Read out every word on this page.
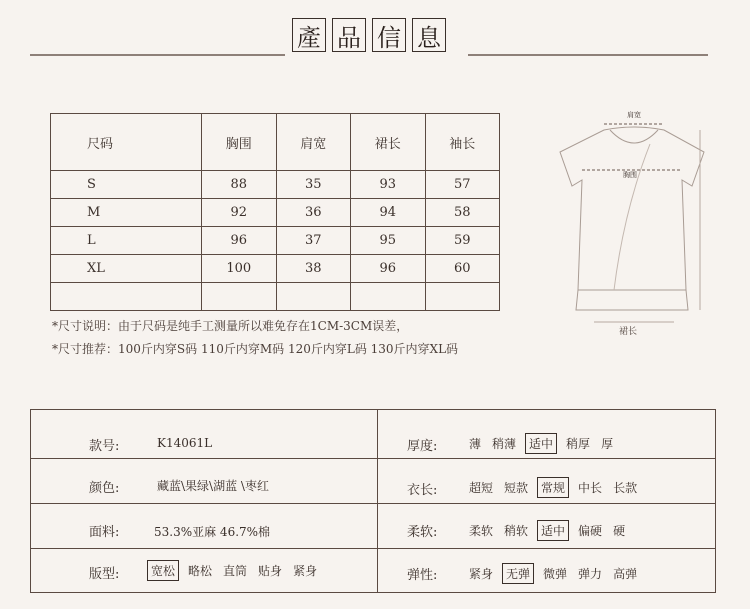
產 品 信 息
尺码	胸围	肩宽	裙长	袖长
S	88	35	93	57
M	92	36	94	58
L	96	37	95	59
XL	100	38	96	60

*尺寸说明：由于尺码是纯手工测量所以难免存在1CM-3CM误差，
*尺寸推荐：100斤内穿S码 110斤内穿M码 120斤内穿L码 130斤内穿XL码
肩宽
胸围
裙长
款号:	K14061L
颜色:	藏蓝\果绿\湖蓝 \枣红
面料:	53.3%亚麻 46.7%棉
版型:	宽松	略松 直筒 贴身 紧身
厚度:	薄 稍薄	适中	稍厚 厚
衣长:	超短 短款	常规	中长 长款
柔软:	柔软 稍软	适中	偏硬 硬
弹性:	紧身	无弹	微弹 弹力 高弹
